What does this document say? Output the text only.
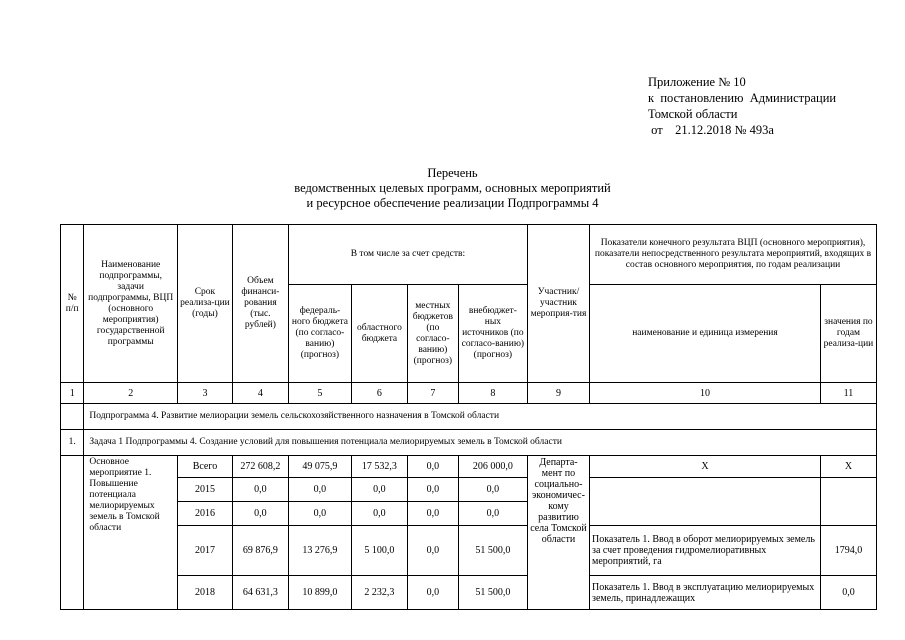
Приложение № 10
к  постановлению  Администрации
Томской области
от    21.12.2018 № 493а
Перечень
ведомственных целевых программ, основных мероприятий
и ресурсное обеспечение реализации Подпрограммы 4
№ п/п	Наименование подпрограммы, задачи подпрограммы, ВЦП (основного мероприятия) государственной программы	Срок реализа-ции (годы)	Объем финанси-рования (тыс. рублей)	В том числе за счет средств:				Участник/ участник мероприя-тия	Показатели конечного результата ВЦП (основного мероприятия), показатели непосредственного результата мероприятий, входящих в состав основного мероприятия, по годам реализации	
				федераль-ного бюджета (по согласо-ванию) (прогноз)	областного бюджета	местных бюджетов (по согласо-ванию) (прогноз)	внебюджет-ных источников (по согласо-ванию) (прогноз)		наименование и единица измерения	значения по годам реализа-ции
1	2	3	4	5	6	7	8	9	10	11
	Подпрограмма 4. Развитие мелиорации земель сельскохозяйственного назначения в Томской области									
1.	Задача 1 Подпрограммы 4. Создание условий для повышения потенциала мелиорируемых земель в Томской области									
	Основное мероприятие 1. Повышение потенциала мелиорируемых земель в Томской области	Всего	272 608,2	49 075,9	17 532,3	0,0	206 000,0	Департа-мент по социально-экономичес-кому развитию села Томской области	Х	Х
		2015	0,0	0,0	0,0	0,0	0,0			
		2016	0,0	0,0	0,0	0,0	0,0			
		2017	69 876,9	13 276,9	5 100,0	0,0	51 500,0		Показатель 1. Ввод в оборот мелиорируемых земель за счет проведения гидромелиоративных мероприятий, га	1794,0
		2018	64 631,3	10 899,0	2 232,3	0,0	51 500,0		Показатель 1. Ввод в эксплуатацию мелиорируемых земель, принадлежащих	0,0
